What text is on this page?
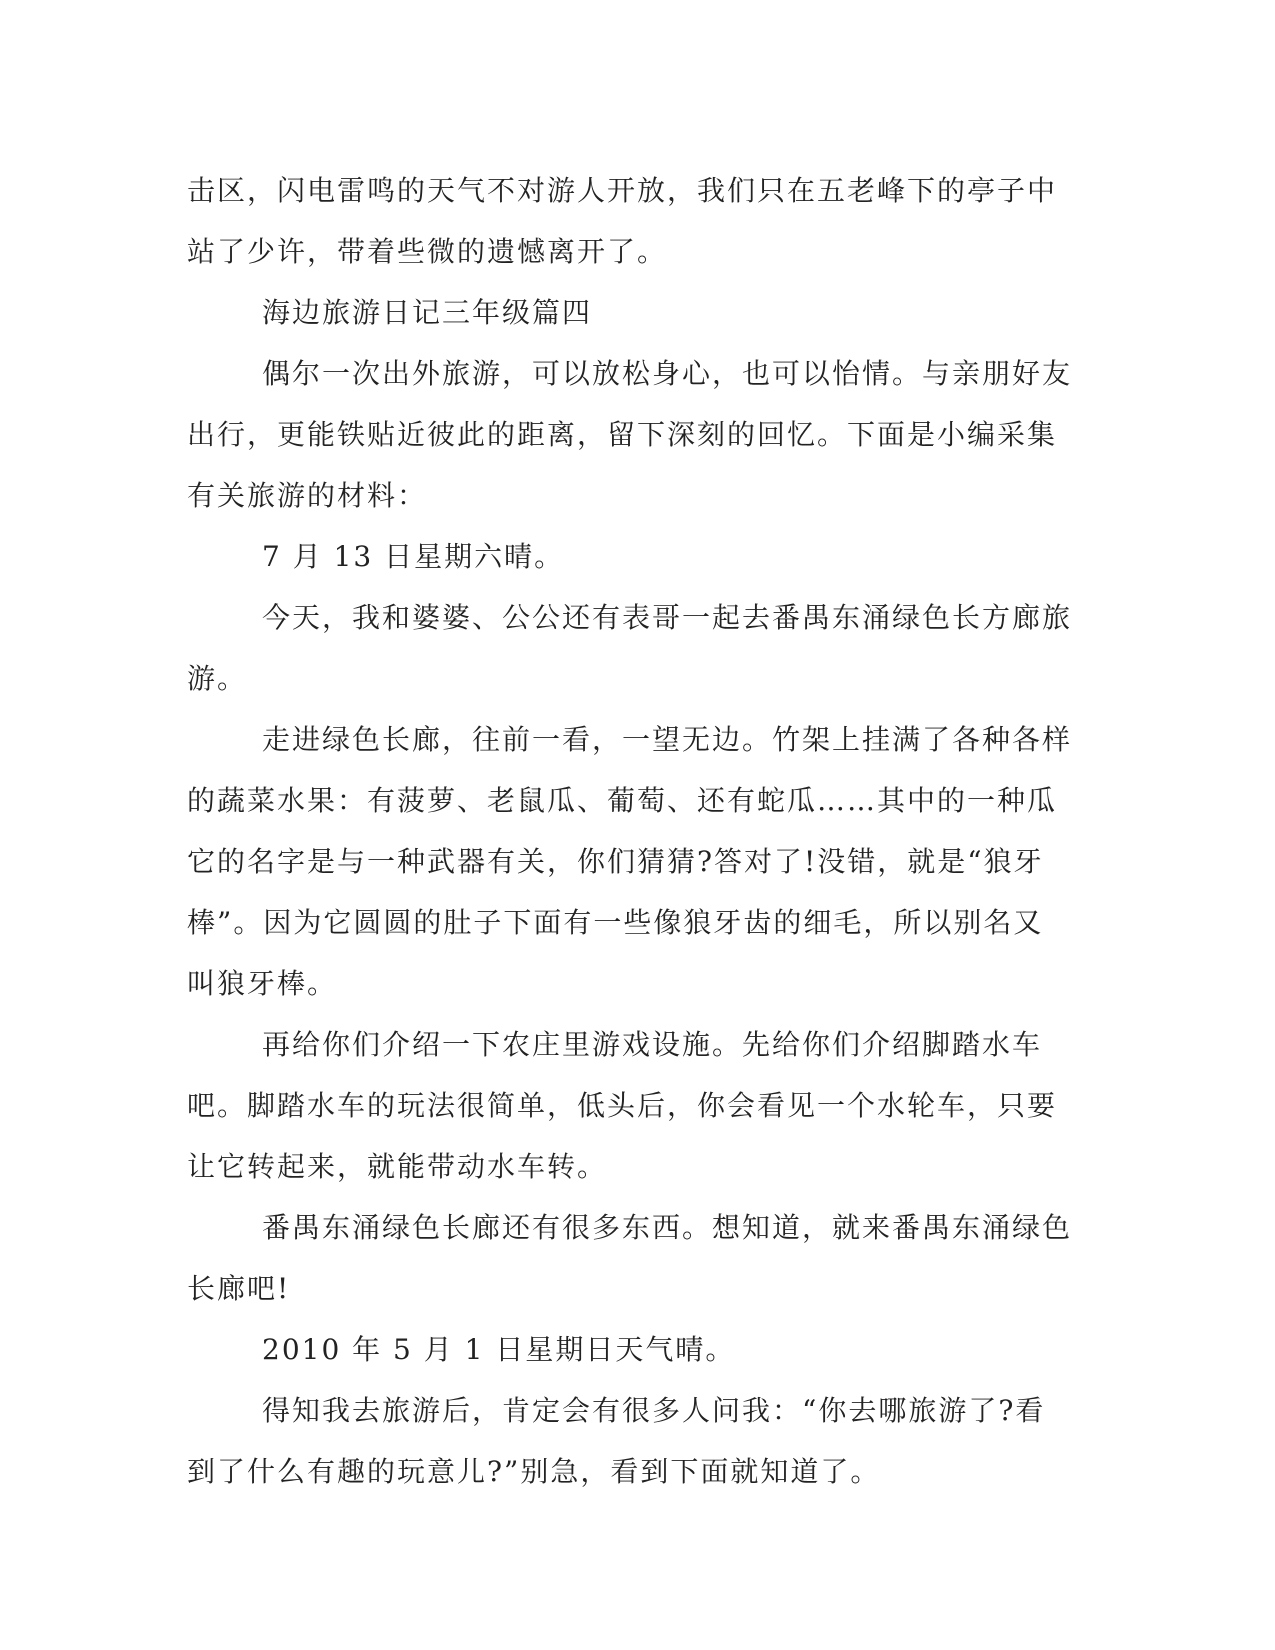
击区，闪电雷鸣的天气不对游人开放，我们只在五老峰下的亭子中站了少许，带着些微的遗憾离开了。

海边旅游日记三年级篇四

偶尔一次出外旅游，可以放松身心，也可以怡情。与亲朋好友出行，更能铁贴近彼此的距离，留下深刻的回忆。下面是小编采集有关旅游的材料：

7 月 13 日星期六晴。

今天，我和婆婆、公公还有表哥一起去番禺东涌绿色长方廊旅游。

走进绿色长廊，往前一看，一望无边。竹架上挂满了各种各样的蔬菜水果：有菠萝、老鼠瓜、葡萄、还有蛇瓜……其中的一种瓜它的名字是与一种武器有关，你们猜猜?答对了!没错，就是“狼牙棒”。因为它圆圆的肚子下面有一些像狼牙齿的细毛，所以别名又叫狼牙棒。

再给你们介绍一下农庄里游戏设施。先给你们介绍脚踏水车吧。脚踏水车的玩法很简单，低头后，你会看见一个水轮车，只要让它转起来，就能带动水车转。

番禺东涌绿色长廊还有很多东西。想知道，就来番禺东涌绿色长廊吧!

2010 年 5 月 1 日星期日天气晴。

得知我去旅游后，肯定会有很多人问我：“你去哪旅游了?看到了什么有趣的玩意儿?”别急，看到下面就知道了。
